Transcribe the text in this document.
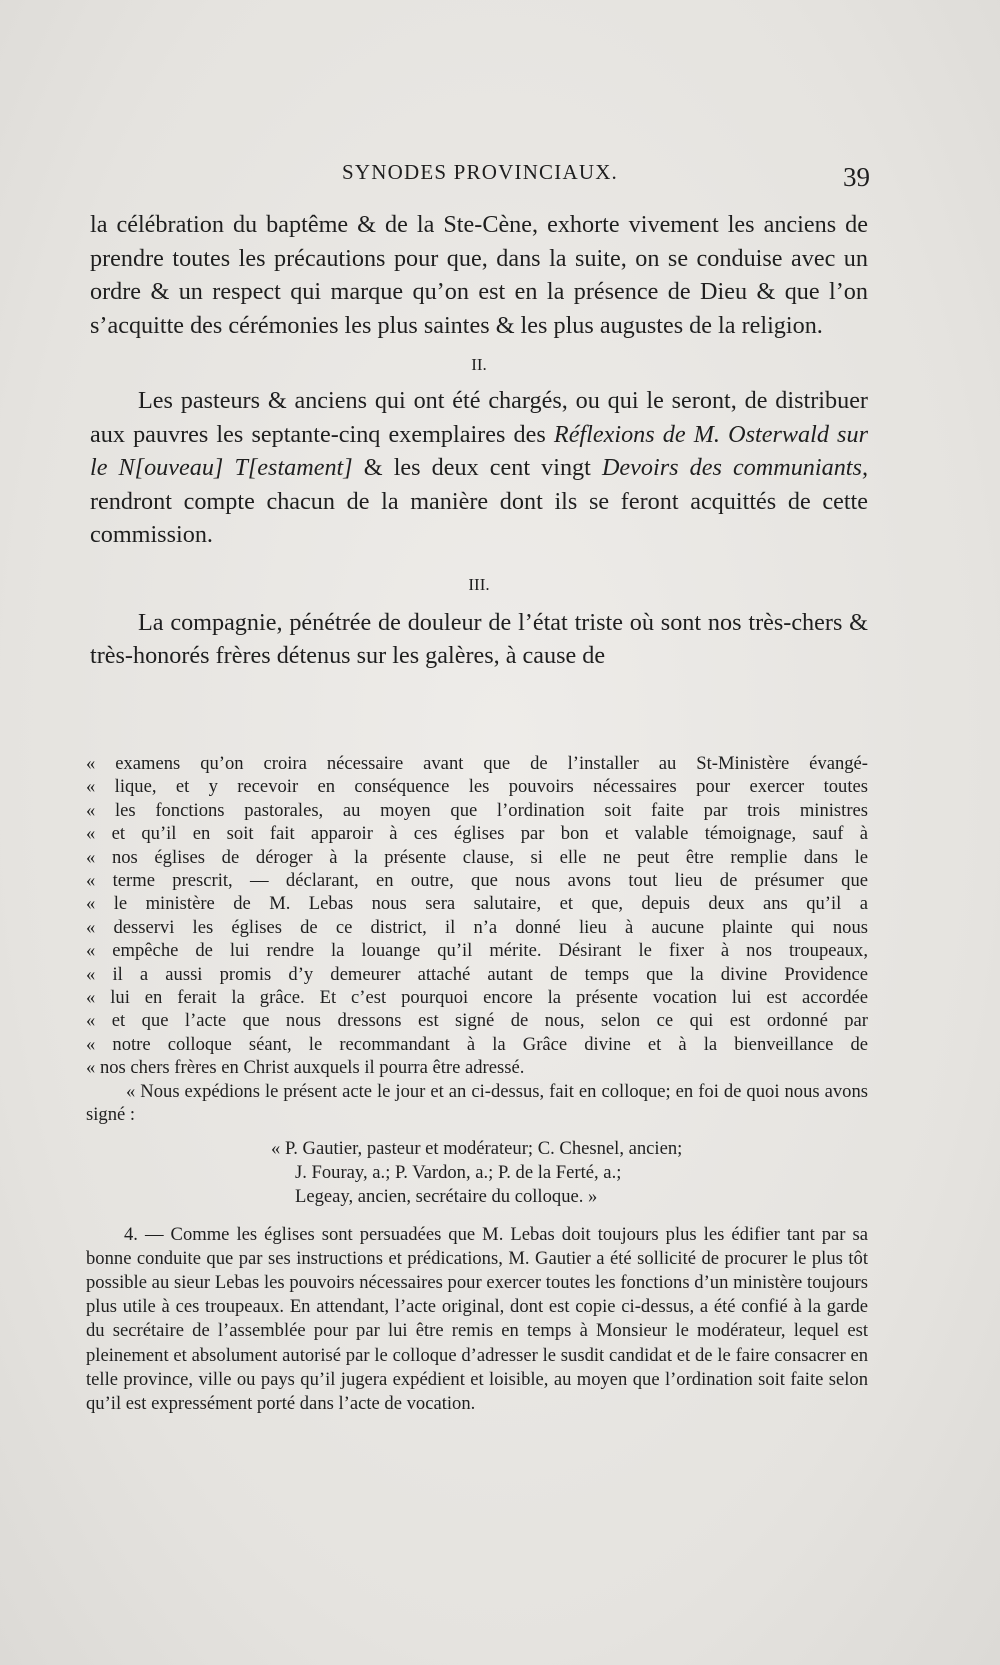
SYNODES PROVINCIAUX.	39

la célébration du baptême & de la Ste-Cène, exhorte vivement les anciens de prendre toutes les précautions pour que, dans la suite, on se conduise avec un ordre & un respect qui marque qu’on est en la présence de Dieu & que l’on s’acquitte des cérémonies les plus saintes & les plus augustes de la religion.

II.

Les pasteurs & anciens qui ont été chargés, ou qui le seront, de distribuer aux pauvres les septante-cinq exemplaires des Réflexions de M. Osterwald sur le N[ouveau] T[estament] & les deux cent vingt Devoirs des communiants, rendront compte chacun de la manière dont ils se feront acquittés de cette commission.

III.

La compagnie, pénétrée de douleur de l’état triste où sont nos très-chers & très-honorés frères détenus sur les galères, à cause de

« examens qu’on croira nécessaire avant que de l’installer au St-Ministère évangé-

« lique, et y recevoir en conséquence les pouvoirs nécessaires pour exercer toutes

« les fonctions pastorales, au moyen que l’ordination soit faite par trois ministres

« et qu’il en soit fait apparoir à ces églises par bon et valable témoignage, sauf à

« nos églises de déroger à la présente clause, si elle ne peut être remplie dans le

« terme prescrit, — déclarant, en outre, que nous avons tout lieu de présumer que

« le ministère de M. Lebas nous sera salutaire, et que, depuis deux ans qu’il a

« desservi les églises de ce district, il n’a donné lieu à aucune plainte qui nous

« empêche de lui rendre la louange qu’il mérite. Désirant le fixer à nos troupeaux,

« il a aussi promis d’y demeurer attaché autant de temps que la divine Providence

« lui en ferait la grâce. Et c’est pourquoi encore la présente vocation lui est accordée

« et que l’acte que nous dressons est signé de nous, selon ce qui est ordonné par

« notre colloque séant, le recommandant à la Grâce divine et à la bienveillance de

« nos chers frères en Christ auxquels il pourra être adressé.

« Nous expédions le présent acte le jour et an ci-dessus, fait en colloque; en foi de quoi nous avons signé :

« P. Gautier, pasteur et modérateur; C. Chesnel, ancien;
J. Fouray, a.; P. Vardon, a.; P. de la Ferté, a.;
Legeay, ancien, secrétaire du colloque. »

4. — Comme les églises sont persuadées que M. Lebas doit toujours plus les édifier tant par sa bonne conduite que par ses instructions et prédications, M. Gautier a été sollicité de procurer le plus tôt possible au sieur Lebas les pouvoirs nécessaires pour exercer toutes les fonctions d’un ministère toujours plus utile à ces troupeaux. En attendant, l’acte original, dont est copie ci-dessus, a été confié à la garde du secrétaire de l’assemblée pour par lui être remis en temps à Monsieur le modérateur, lequel est pleinement et absolument autorisé par le colloque d’adresser le susdit candidat et de le faire consacrer en telle province, ville ou pays qu’il jugera expédient et loisible, au moyen que l’ordination soit faite selon qu’il est expressément porté dans l’acte de vocation.
